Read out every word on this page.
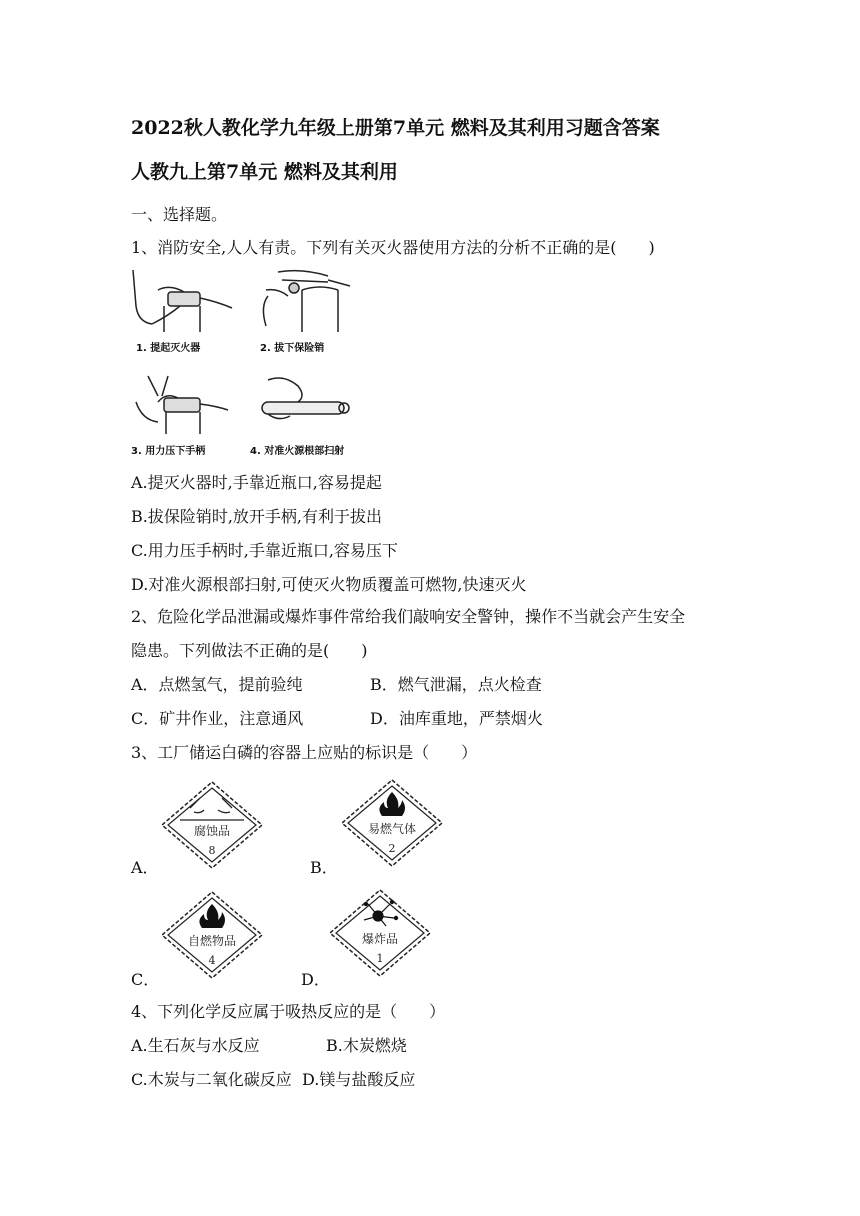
2022秋人教化学九年级上册第7单元 燃料及其利用习题含答案
人教九上第7单元 燃料及其利用
一、选择题。
1、消防安全,人人有责。下列有关灭火器使用方法的分析不正确的是(　　)
1. 提起灭火器	2. 拔下保险销
3. 用力压下手柄	4. 对准火源根部扫射
A.提灭火器时,手靠近瓶口,容易提起
B.拔保险销时,放开手柄,有利于拔出
C.用力压手柄时,手靠近瓶口,容易压下
D.对准火源根部扫射,可使灭火物质覆盖可燃物,快速灭火
2、危险化学品泄漏或爆炸事件常给我们敲响安全警钟，操作不当就会产生安全
隐患。下列做法不正确的是(　　)
A．点燃氢气，提前验纯	B．燃气泄漏，点火检查
C．矿井作业，注意通风	D．油库重地，严禁烟火
3、工厂储运白磷的容器上应贴的标识是（　　）
A．
腐蚀品
8
B．
易燃气体
2
C．
自燃物品
4
D．
爆炸品
1
4、下列化学反应属于吸热反应的是（　　）
A.生石灰与水反应	B.木炭燃烧
C.木炭与二氧化碳反应 D.镁与盐酸反应
